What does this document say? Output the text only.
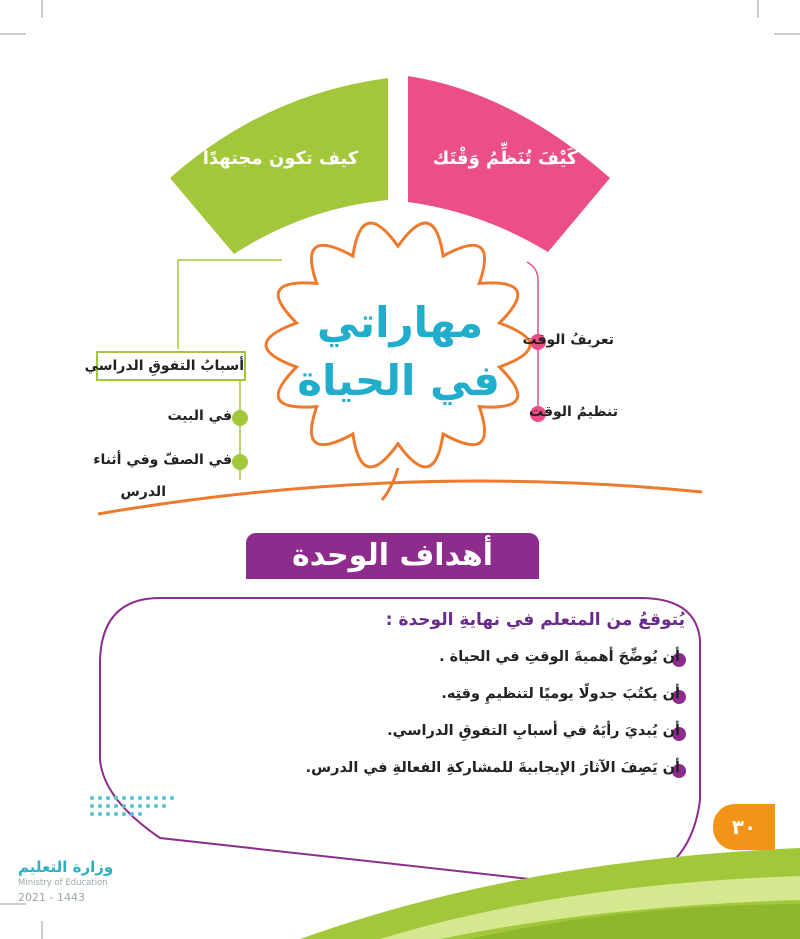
كَيْفَ تُنَظِّمُ وَقْتَك
كيف تكون مجتهدًا
مهاراتي
في الحياة
تعريفُ الوقت
تنظيمُ الوقت
أسبابُ التفوقِ الدراسي
في البيت
في الصفّ وفي أثناء
الدرس
أهداف الوحدة
يُتوقعُ من المتعلم في نهايةِ الوحدة :
أن يُوضِّحَ أهميةَ الوقتِ في الحياة .
أن يكتُبَ جدولًا يوميًا لتنظيمِ وقتِه.
أن يُبديَ رأيَهُ في أسبابِ التفوقِ الدراسي.
أن يَصِفَ الآثارَ الإيجابيةَ للمشاركةِ الفعالةِ في الدرس.
٣٠
وزارة التعليم
Ministry of Education
2021 - 1443
